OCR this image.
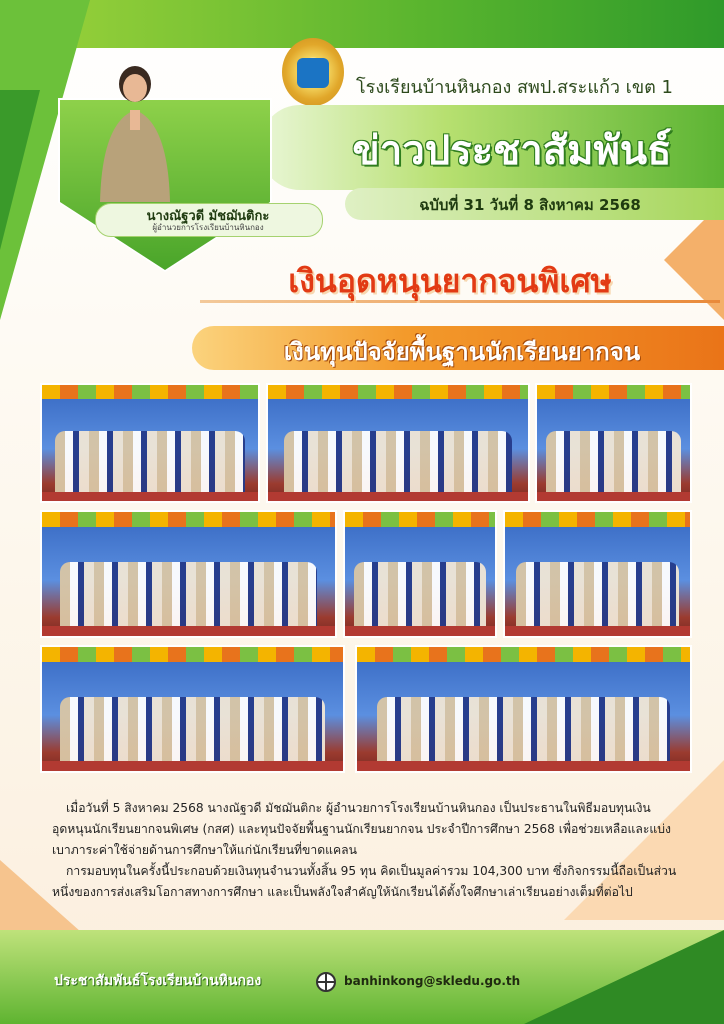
โรงเรียนบ้านหินกอง สพป.สระแก้ว เขต 1
ข่าวประชาสัมพันธ์
ฉบับที่ 31 วันที่ 8 สิงหาคม 2568
นางณัฐวดี มัชฌันติกะ
ผู้อำนวยการโรงเรียนบ้านหินกอง
เงินอุดหนุนยากจนพิเศษ
เงินทุนปัจจัยพื้นฐานนักเรียนยากจน

เมื่อวันที่ 5 สิงหาคม 2568 นางณัฐวดี มัชฌันติกะ ผู้อำนวยการโรงเรียนบ้านหินกอง เป็นประธานในพิธีมอบทุนเงินอุดหนุนนักเรียนยากจนพิเศษ (กสศ) และทุนปัจจัยพื้นฐานนักเรียนยากจน ประจำปีการศึกษา 2568 เพื่อช่วยเหลือและแบ่งเบาภาระค่าใช้จ่ายด้านการศึกษาให้แก่นักเรียนที่ขาดแคลน

การมอบทุนในครั้งนี้ประกอบด้วยเงินทุนจำนวนทั้งสิ้น 95 ทุน คิดเป็นมูลค่ารวม 104,300 บาท ซึ่งกิจกรรมนี้ถือเป็นส่วนหนึ่งของการส่งเสริมโอกาสทางการศึกษา และเป็นพลังใจสำคัญให้นักเรียนได้ตั้งใจศึกษาเล่าเรียนอย่างเต็มที่ต่อไป

ประชาสัมพันธ์โรงเรียนบ้านหินกอง	banhinkong@skledu.go.th
